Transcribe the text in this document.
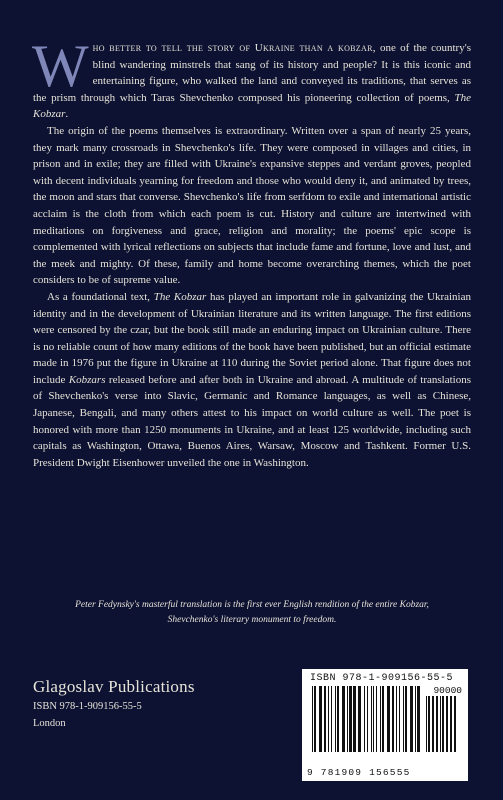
Who better to tell the story of Ukraine than a kobzar, one of the country's blind wandering minstrels that sang of its history and people? It is this iconic and entertaining figure, who walked the land and conveyed its traditions, that serves as the prism through which Taras Shevchenko composed his pioneering collection of poems, The Kobzar.

The origin of the poems themselves is extraordinary. Written over a span of nearly 25 years, they mark many crossroads in Shevchenko's life. They were composed in villages and cities, in prison and in exile; they are filled with Ukraine's expansive steppes and verdant groves, peopled with decent individuals yearning for freedom and those who would deny it, and animated by trees, the moon and stars that converse. Shevchenko's life from serfdom to exile and international artistic acclaim is the cloth from which each poem is cut. History and culture are intertwined with meditations on forgiveness and grace, religion and morality; the poems' epic scope is complemented with lyrical reflections on subjects that include fame and fortune, love and lust, and the meek and mighty. Of these, family and home become overarching themes, which the poet considers to be of supreme value.

As a foundational text, The Kobzar has played an important role in galvanizing the Ukrainian identity and in the development of Ukrainian literature and its written language. The first editions were censored by the czar, but the book still made an enduring impact on Ukrainian culture. There is no reliable count of how many editions of the book have been published, but an official estimate made in 1976 put the figure in Ukraine at 110 during the Soviet period alone. That figure does not include Kobzars released before and after both in Ukraine and abroad. A multitude of translations of Shevchenko's verse into Slavic, Germanic and Romance languages, as well as Chinese, Japanese, Bengali, and many others attest to his impact on world culture as well. The poet is honored with more than 1250 monuments in Ukraine, and at least 125 worldwide, including such capitals as Washington, Ottawa, Buenos Aires, Warsaw, Moscow and Tashkent. Former U.S. President Dwight Eisenhower unveiled the one in Washington.

Peter Fedynsky's masterful translation is the first ever English rendition of the entire Kobzar,
Shevchenko's literary monument to freedom.
Glagoslav Publications
ISBN 978-1-909156-55-5
London
ISBN 978-1-909156-55-5
9 781909 156555
90000
